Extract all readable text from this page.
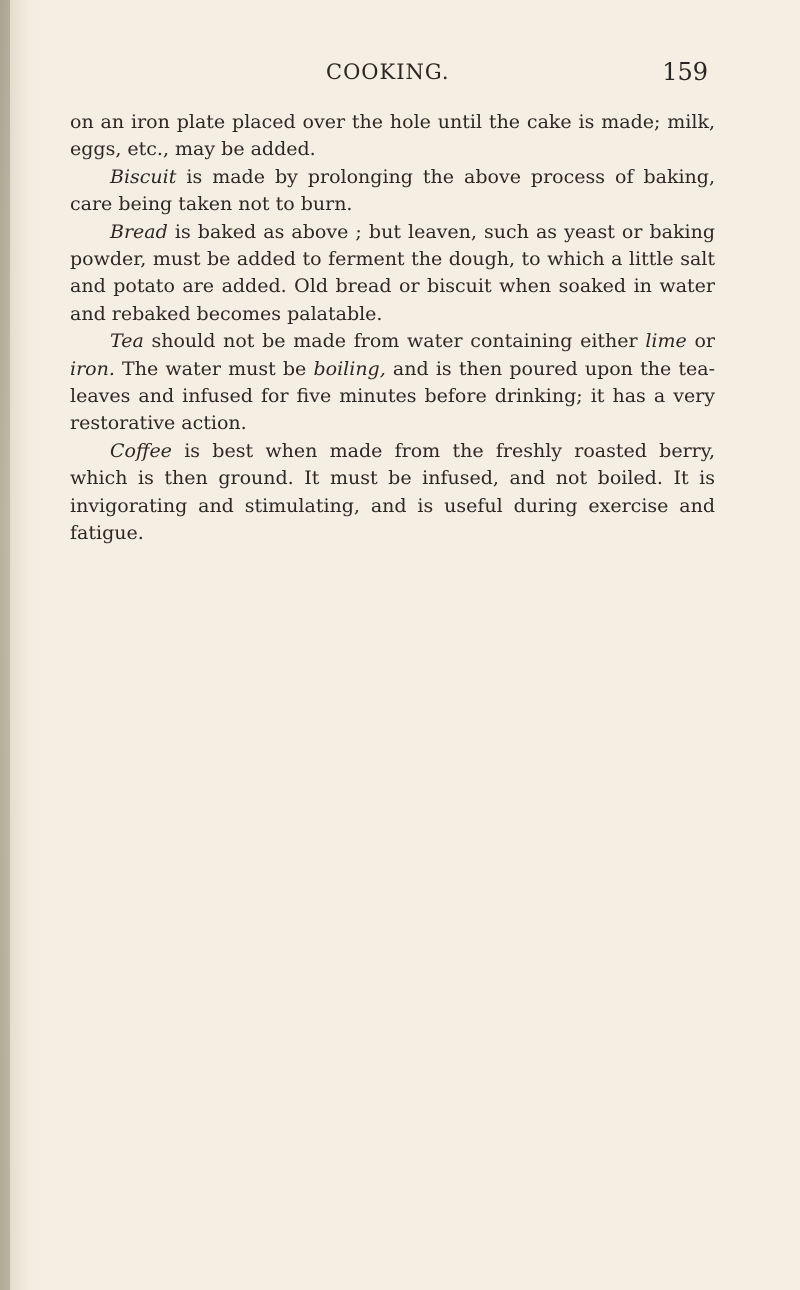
COOKING.	159

on an iron plate placed over the hole until the cake is made; milk, eggs, etc., may be added.

Biscuit is made by prolonging the above process of baking, care being taken not to burn.

Bread is baked as above ; but leaven, such as yeast or baking powder, must be added to ferment the dough, to which a little salt and potato are added. Old bread or biscuit when soaked in water and rebaked becomes palatable.

Tea should not be made from water containing either lime or iron. The water must be boiling, and is then poured upon the tea-leaves and infused for five minutes before drinking; it has a very restorative action.

Coffee is best when made from the freshly roasted berry, which is then ground. It must be infused, and not boiled. It is invigorating and stimulating, and is useful during exercise and fatigue.
